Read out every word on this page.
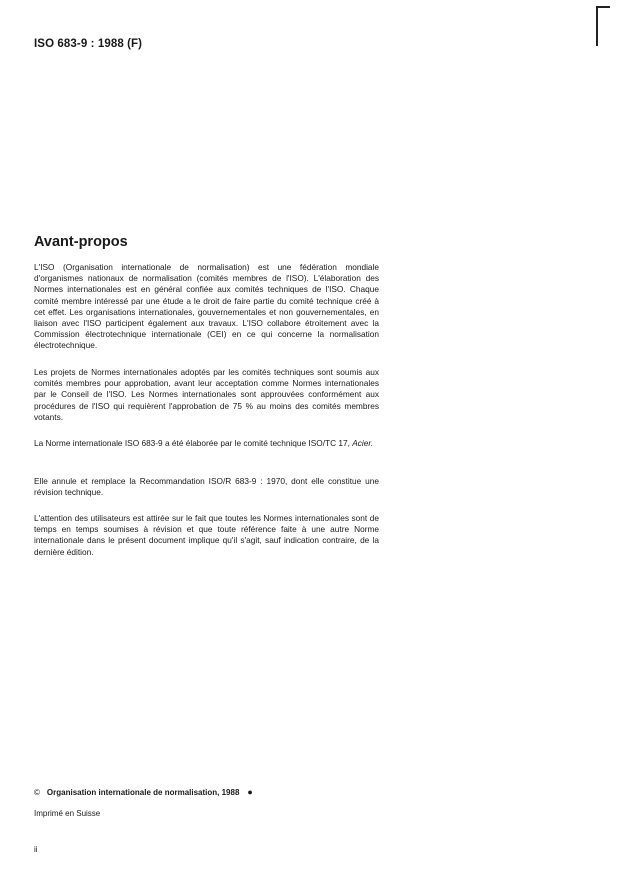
ISO 683-9 : 1988 (F)
Avant-propos

L'ISO (Organisation internationale de normalisation) est une fédération mondiale d'organismes nationaux de normalisation (comités membres de l'ISO). L'élaboration des Normes internationales est en général confiée aux comités techniques de l'ISO. Chaque comité membre intéressé par une étude a le droit de faire partie du comité technique créé à cet effet. Les organisations internationales, gouvernementales et non gouvernementales, en liaison avec l'ISO participent également aux travaux. L'ISO collabore étroitement avec la Commission électrotechnique internationale (CEI) en ce qui concerne la normalisation électrotechnique.

Les projets de Normes internationales adoptés par les comités techniques sont soumis aux comités membres pour approbation, avant leur acceptation comme Normes internationales par le Conseil de l'ISO. Les Normes internationales sont approuvées conformément aux procédures de l'ISO qui requièrent l'approbation de 75 % au moins des comités membres votants.

La Norme internationale ISO 683-9 a été élaborée par le comité technique ISO/TC 17, Acier.

Elle annule et remplace la Recommandation ISO/R 683-9 : 1970, dont elle constitue une révision technique.

L'attention des utilisateurs est attirée sur le fait que toutes les Normes internationales sont de temps en temps soumises à révision et que toute référence faite à une autre Norme internationale dans le présent document implique qu'il s'agit, sauf indication contraire, de la dernière édition.

© Organisation internationale de normalisation, 1988 ●
Imprimé en Suisse
ii
